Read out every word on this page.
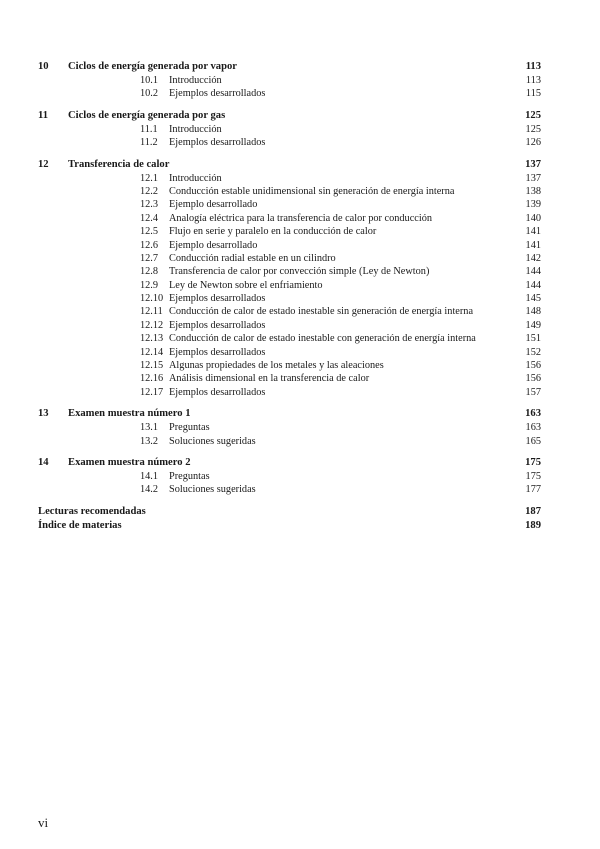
10 Ciclos de energía generada por vapor	113
10.1 Introducción	113
10.2 Ejemplos desarrollados	115
11 Ciclos de energía generada por gas	125
11.1 Introducción	125
11.2 Ejemplos desarrollados	126
12 Transferencia de calor	137
12.1 Introducción	137
12.2 Conducción estable unidimensional sin generación de energía interna	138
12.3 Ejemplo desarrollado	139
12.4 Analogía eléctrica para la transferencia de calor por conducción	140
12.5 Flujo en serie y paralelo en la conducción de calor	141
12.6 Ejemplo desarrollado	141
12.7 Conducción radial estable en un cilindro	142
12.8 Transferencia de calor por convección simple (Ley de Newton)	144
12.9 Ley de Newton sobre el enfriamiento	144
12.10 Ejemplos desarrollados	145
12.11 Conducción de calor de estado inestable sin generación de energía interna	148
12.12 Ejemplos desarrollados	149
12.13 Conducción de calor de estado inestable con generación de energía interna	151
12.14 Ejemplos desarrollados	152
12.15 Algunas propiedades de los metales y las aleaciones	156
12.16 Análisis dimensional en la transferencia de calor	156
12.17 Ejemplos desarrollados	157
13 Examen muestra número 1	163
13.1 Preguntas	163
13.2 Soluciones sugeridas	165
14 Examen muestra número 2	175
14.1 Preguntas	175
14.2 Soluciones sugeridas	177
Lecturas recomendadas	187
Índice de materias	189
vi
